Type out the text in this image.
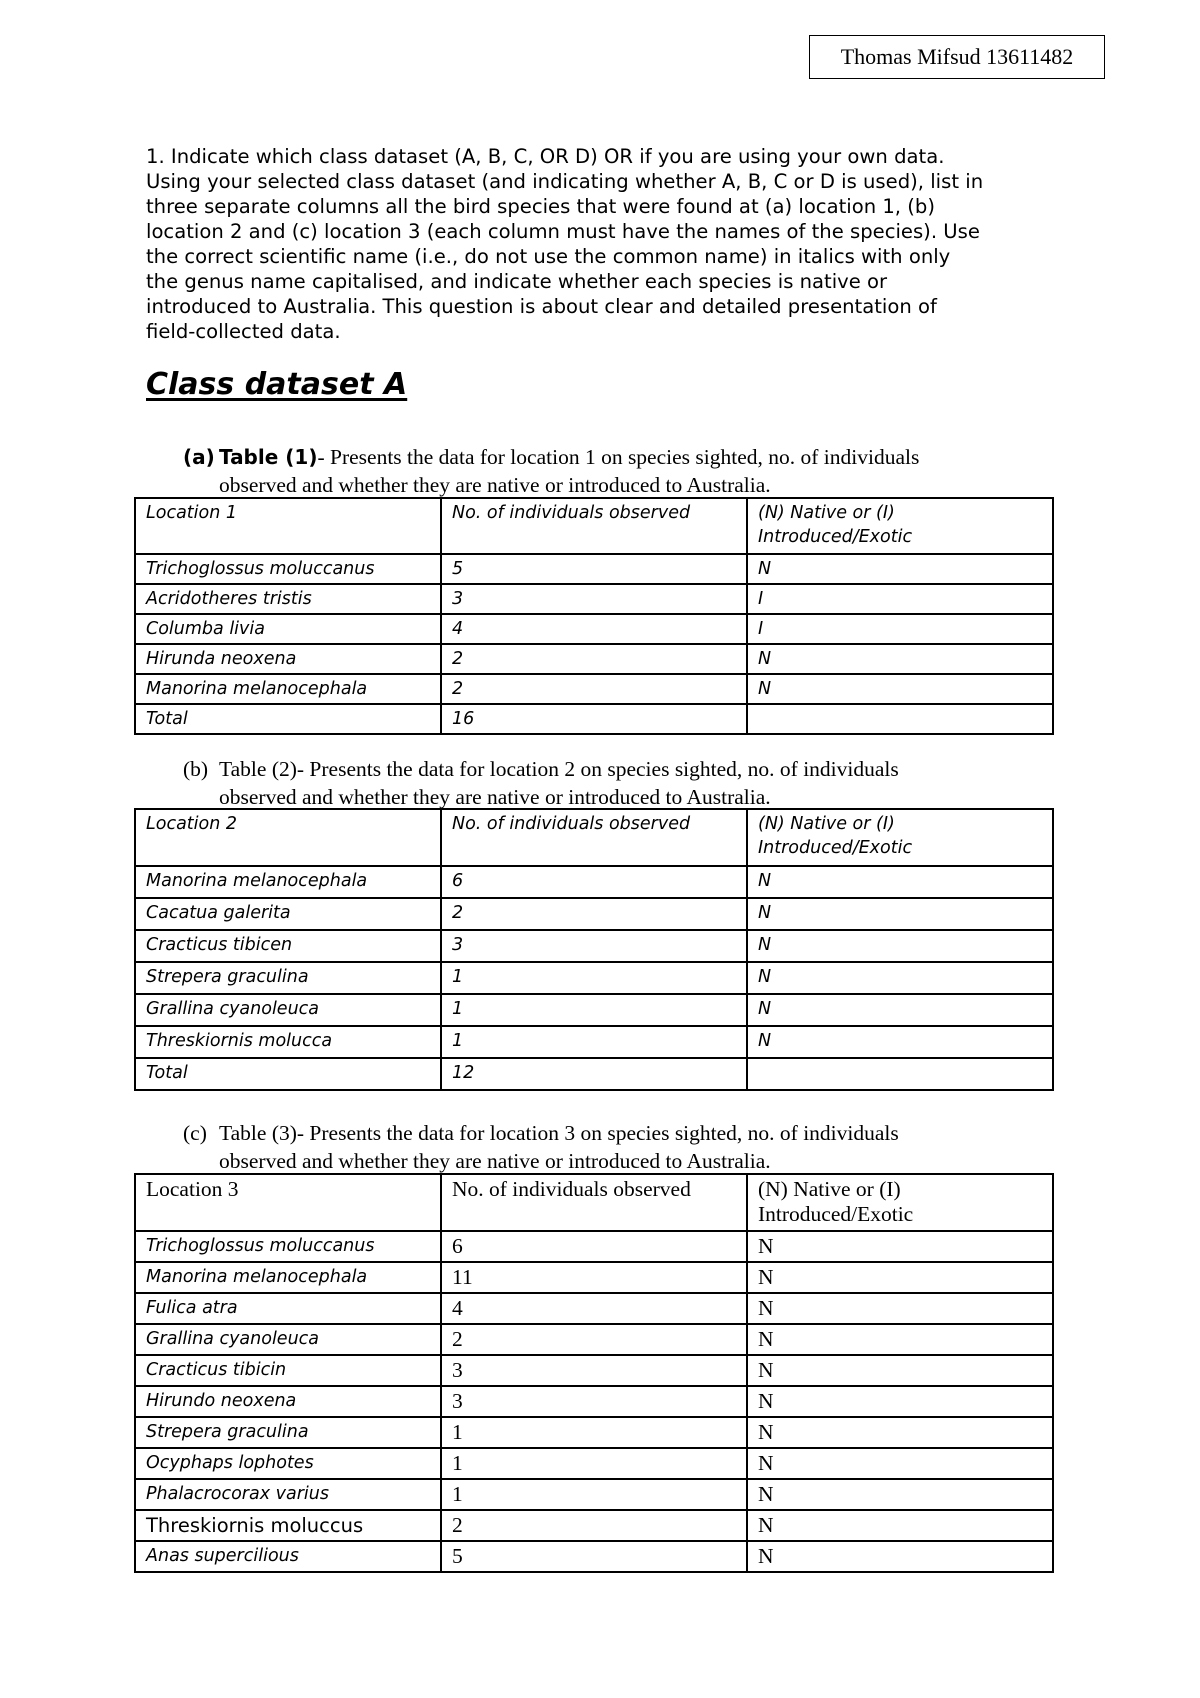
Thomas Mifsud 13611482
1. Indicate which class dataset (A, B, C, OR D) OR if you are using your own data.
Using your selected class dataset (and indicating whether A, B, C or D is used), list in
three separate columns all the bird species that were found at (a) location 1, (b)
location 2 and (c) location 3 (each column must have the names of the species). Use
the correct scientific name (i.e., do not use the common name) in italics with only
the genus name capitalised, and indicate whether each species is native or
introduced to Australia. This question is about clear and detailed presentation of
field-collected data.
Class dataset A
(a) Table (1)- Presents the data for location 1 on species sighted, no. of individuals
observed and whether they are native or introduced to Australia.
Location 1	No. of individuals observed	(N) Native or (I) Introduced/Exotic
Trichoglossus moluccanus	5	N
Acridotheres tristis	3	I
Columba livia	4	I
Hirunda neoxena	2	N
Manorina melanocephala	2	N
Total	16	
(b) Table (2)- Presents the data for location 2 on species sighted, no. of individuals
observed and whether they are native or introduced to Australia.
Location 2	No. of individuals observed	(N) Native or (I) Introduced/Exotic
Manorina melanocephala	6	N
Cacatua galerita	2	N
Cracticus tibicen	3	N
Strepera graculina	1	N
Grallina cyanoleuca	1	N
Threskiornis molucca	1	N
Total	12	
(c) Table (3)- Presents the data for location 3 on species sighted, no. of individuals
observed and whether they are native or introduced to Australia.
Location 3	No. of individuals observed	(N) Native or (I) Introduced/Exotic
Trichoglossus moluccanus	6	N
Manorina melanocephala	11	N
Fulica atra	4	N
Grallina cyanoleuca	2	N
Cracticus tibicin	3	N
Hirundo neoxena	3	N
Strepera graculina	1	N
Ocyphaps lophotes	1	N
Phalacrocorax varius	1	N
Threskiornis moluccus	2	N
Anas supercilious	5	N
